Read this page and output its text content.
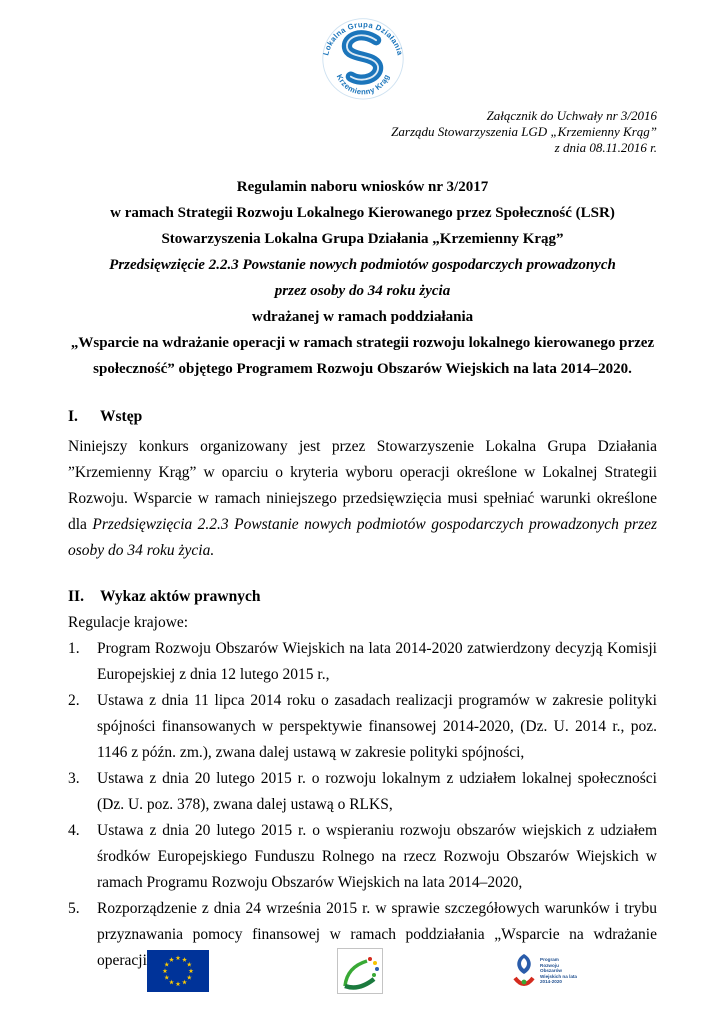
Lokalna Grupa Działania
Krzemienny Krąg
Załącznik do Uchwały nr 3/2016
Zarządu Stowarzyszenia LGD „Krzemienny Krąg”
z dnia 08.11.2016 r.
Regulamin naboru wniosków nr 3/2017
w ramach Strategii Rozwoju Lokalnego Kierowanego przez Społeczność (LSR)
Stowarzyszenia Lokalna Grupa Działania „Krzemienny Krąg”
Przedsięwzięcie 2.2.3 Powstanie nowych podmiotów gospodarczych prowadzonych
przez osoby do 34 roku życia
wdrażanej w ramach poddziałania
„Wsparcie na wdrażanie operacji w ramach strategii rozwoju lokalnego kierowanego przez
społeczność” objętego Programem Rozwoju Obszarów Wiejskich na lata 2014–2020.
I.	Wstęp

Niniejszy konkurs organizowany jest przez Stowarzyszenie Lokalna Grupa Działania ”Krzemienny Krąg” w oparciu o kryteria wyboru operacji określone w Lokalnej Strategii Rozwoju. Wsparcie w ramach niniejszego przedsięwzięcia musi spełniać warunki określone dla Przedsięwzięcia 2.2.3 Powstanie nowych podmiotów gospodarczych prowadzonych przez osoby do 34 roku życia.

II.	Wykaz aktów prawnych
Regulacje krajowe:
1.	Program Rozwoju Obszarów Wiejskich na lata 2014-2020 zatwierdzony decyzją Komisji Europejskiej z dnia 12 lutego 2015 r.,
2.	Ustawa z dnia 11 lipca 2014 roku o zasadach realizacji programów w zakresie polityki spójności finansowanych w perspektywie finansowej 2014-2020, (Dz. U. 2014 r., poz. 1146 z późn. zm.), zwana dalej ustawą w zakresie polityki spójności,
3.	Ustawa z dnia 20 lutego 2015 r. o rozwoju lokalnym z udziałem lokalnej społeczności (Dz. U. poz. 378), zwana dalej ustawą o RLKS,
4.	Ustawa z dnia 20 lutego 2015 r. o wspieraniu rozwoju obszarów wiejskich z udziałem środków Europejskiego Funduszu Rolnego na rzecz Rozwoju Obszarów Wiejskich w ramach Programu Rozwoju Obszarów Wiejskich na lata 2014–2020,
5.	Rozporządzenie z dnia 24 września 2015 r. w sprawie szczegółowych warunków i trybu przyznawania pomocy finansowej w ramach poddziałania „Wsparcie na wdrażanie operacji	Program Rozwoju Obszarów Wiejskich na lata 2014-2020
